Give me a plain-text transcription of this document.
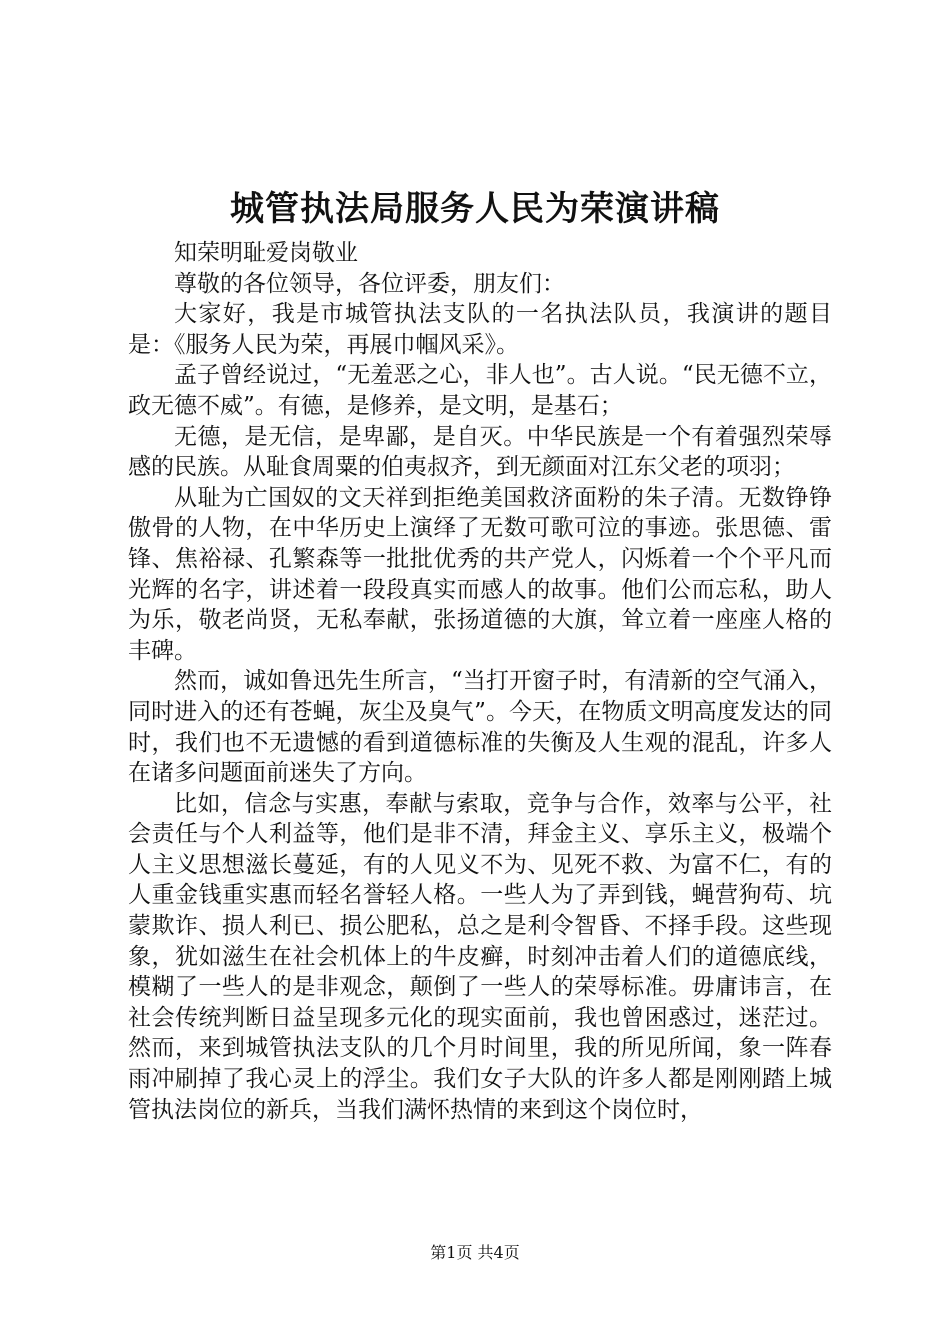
城管执法局服务人民为荣演讲稿

知荣明耻爱岗敬业

尊敬的各位领导，各位评委，朋友们：

大家好，我是市城管执法支队的一名执法队员，我演讲的题目是：《服务人民为荣，再展巾帼风采》。

孟子曾经说过，“无羞恶之心，非人也”。古人说。“民无德不立，政无德不威”。有德，是修养，是文明，是基石；

无德，是无信，是卑鄙，是自灭。中华民族是一个有着强烈荣辱感的民族。从耻食周粟的伯夷叔齐，到无颜面对江东父老的项羽；

从耻为亡国奴的文天祥到拒绝美国救济面粉的朱子清。无数铮铮傲骨的人物，在中华历史上演绎了无数可歌可泣的事迹。张思德、雷锋、焦裕禄、孔繁森等一批批优秀的共产党人，闪烁着一个个平凡而光辉的名字，讲述着一段段真实而感人的故事。他们公而忘私，助人为乐，敬老尚贤，无私奉献，张扬道德的大旗，耸立着一座座人格的丰碑。

然而，诚如鲁迅先生所言，“当打开窗子时，有清新的空气涌入，同时进入的还有苍蝇，灰尘及臭气”。今天，在物质文明高度发达的同时，我们也不无遗憾的看到道德标准的失衡及人生观的混乱，许多人在诸多问题面前迷失了方向。

比如，信念与实惠，奉献与索取，竞争与合作，效率与公平，社会责任与个人利益等，他们是非不清，拜金主义、享乐主义，极端个人主义思想滋长蔓延，有的人见义不为、见死不救、为富不仁，有的人重金钱重实惠而轻名誉轻人格。一些人为了弄到钱，蝇营狗苟、坑蒙欺诈、损人利已、损公肥私，总之是利令智昏、不择手段。这些现象，犹如滋生在社会机体上的牛皮癣，时刻冲击着人们的道德底线，模糊了一些人的是非观念，颠倒了一些人的荣辱标准。毋庸讳言，在社会传统判断日益呈现多元化的现实面前，我也曾困惑过，迷茫过。然而，来到城管执法支队的几个月时间里，我的所见所闻，象一阵春雨冲刷掉了我心灵上的浮尘。我们女子大队的许多人都是刚刚踏上城管执法岗位的新兵，当我们满怀热情的来到这个岗位时，

第1页 共4页
